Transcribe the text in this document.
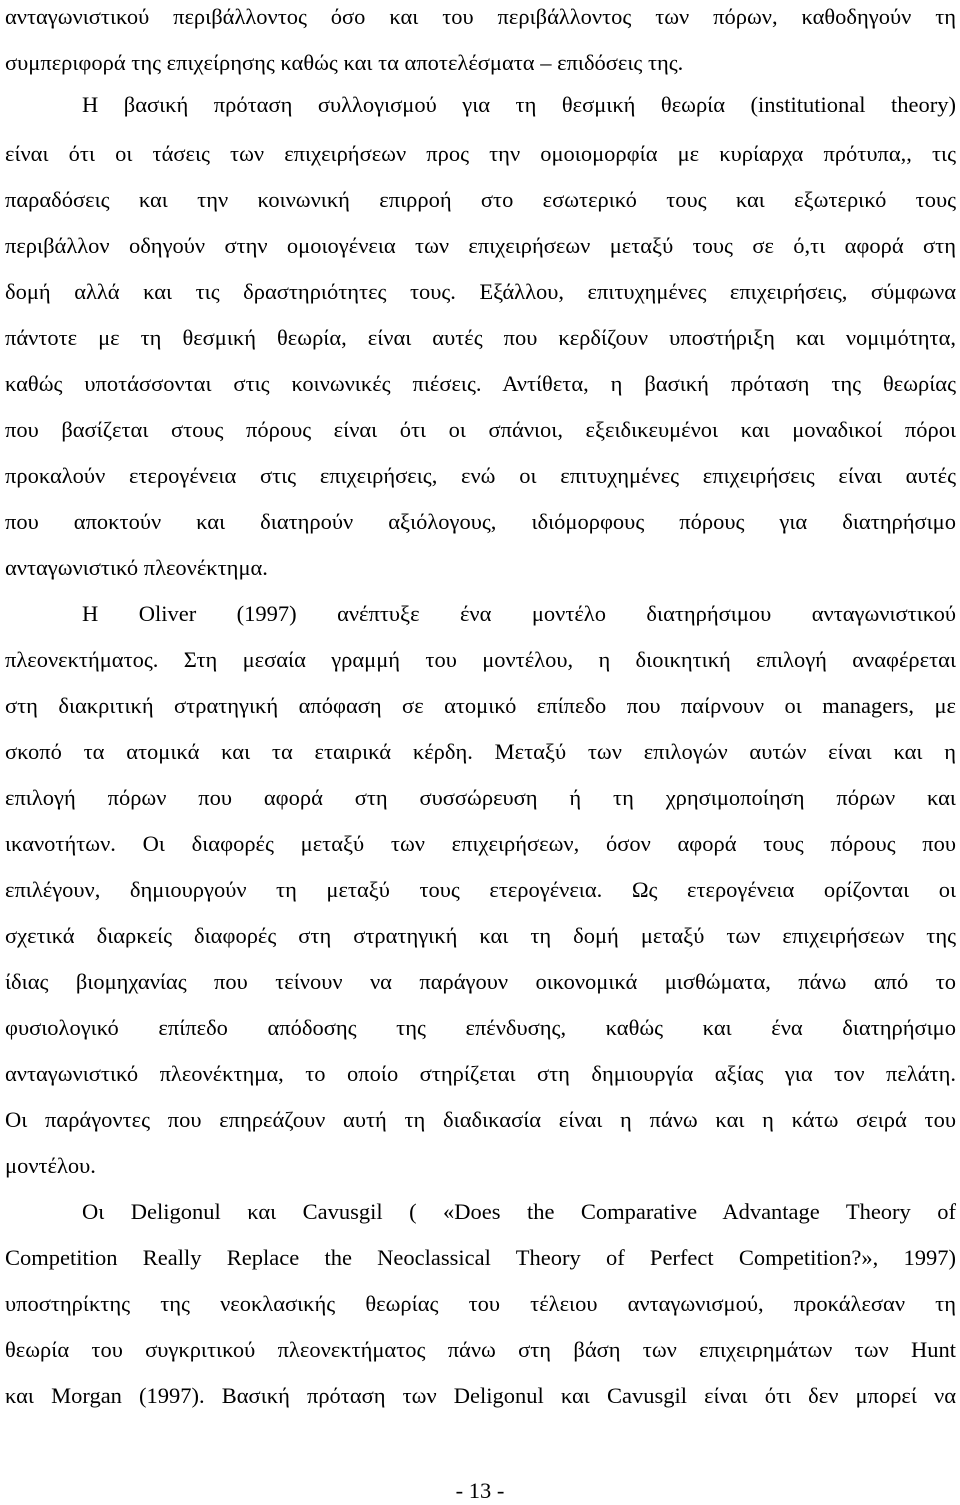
ανταγωνιστικού περιβάλλοντος όσο και του περιβάλλοντος των πόρων, καθοδηγούν τη
συμπεριφορά της επιχείρησης καθώς και τα αποτελέσματα – επιδόσεις της.
Η βασική πρόταση συλλογισμού για τη θεσμική θεωρία (institutional theory)
είναι ότι οι τάσεις των επιχειρήσεων προς την ομοιομορφία με κυρίαρχα πρότυπα,, τις
παραδόσεις και την κοινωνική επιρροή στο εσωτερικό τους και εξωτερικό τους
περιβάλλον οδηγούν στην ομοιογένεια των επιχειρήσεων μεταξύ τους σε ό,τι αφορά στη
δομή αλλά και τις δραστηριότητες τους. Εξάλλου, επιτυχημένες επιχειρήσεις, σύμφωνα
πάντοτε με τη θεσμική θεωρία, είναι αυτές που κερδίζουν υποστήριξη και νομιμότητα,
καθώς υποτάσσονται στις κοινωνικές πιέσεις. Αντίθετα, η βασική πρόταση της θεωρίας
που βασίζεται στους πόρους είναι ότι οι σπάνιοι, εξειδικευμένοι και μοναδικοί πόροι
προκαλούν ετερογένεια στις επιχειρήσεις, ενώ οι επιτυχημένες επιχειρήσεις είναι αυτές
που αποκτούν και διατηρούν αξιόλογους, ιδιόμορφους πόρους για διατηρήσιμο
ανταγωνιστικό πλεονέκτημα.
Η Oliver (1997) ανέπτυξε ένα μοντέλο διατηρήσιμου ανταγωνιστικού
πλεονεκτήματος. Στη μεσαία γραμμή του μοντέλου, η διοικητική επιλογή αναφέρεται
στη διακριτική στρατηγική απόφαση σε ατομικό επίπεδο που παίρνουν οι managers, με
σκοπό τα ατομικά και τα εταιρικά κέρδη. Μεταξύ των επιλογών αυτών είναι και η
επιλογή πόρων που αφορά στη συσσώρευση ή τη χρησιμοποίηση πόρων και
ικανοτήτων. Οι διαφορές μεταξύ των επιχειρήσεων, όσον αφορά τους πόρους που
επιλέγουν, δημιουργούν τη μεταξύ τους ετερογένεια. Ως ετερογένεια ορίζονται οι
σχετικά διαρκείς διαφορές στη στρατηγική και τη δομή μεταξύ των επιχειρήσεων της
ίδιας βιομηχανίας που τείνουν να παράγουν οικονομικά μισθώματα, πάνω από το
φυσιολογικό επίπεδο απόδοσης της επένδυσης, καθώς και ένα διατηρήσιμο
ανταγωνιστικό πλεονέκτημα, το οποίο στηρίζεται στη δημιουργία αξίας για τον πελάτη.
Οι παράγοντες που επηρεάζουν αυτή τη διαδικασία είναι η πάνω και η κάτω σειρά του
μοντέλου.
Οι Deligonul και Cavusgil ( «Does the Comparative Advantage Theory of
Competition Really Replace the Neoclassical Theory of Perfect Competition?», 1997)
υποστηρίκτης της νεοκλασικής θεωρίας του τέλειου ανταγωνισμού, προκάλεσαν τη
θεωρία του συγκριτικού πλεονεκτήματος πάνω στη βάση των επιχειρημάτων των Hunt
και Morgan (1997). Βασική πρόταση των Deligonul και Cavusgil είναι ότι δεν μπορεί να
- 13 -
